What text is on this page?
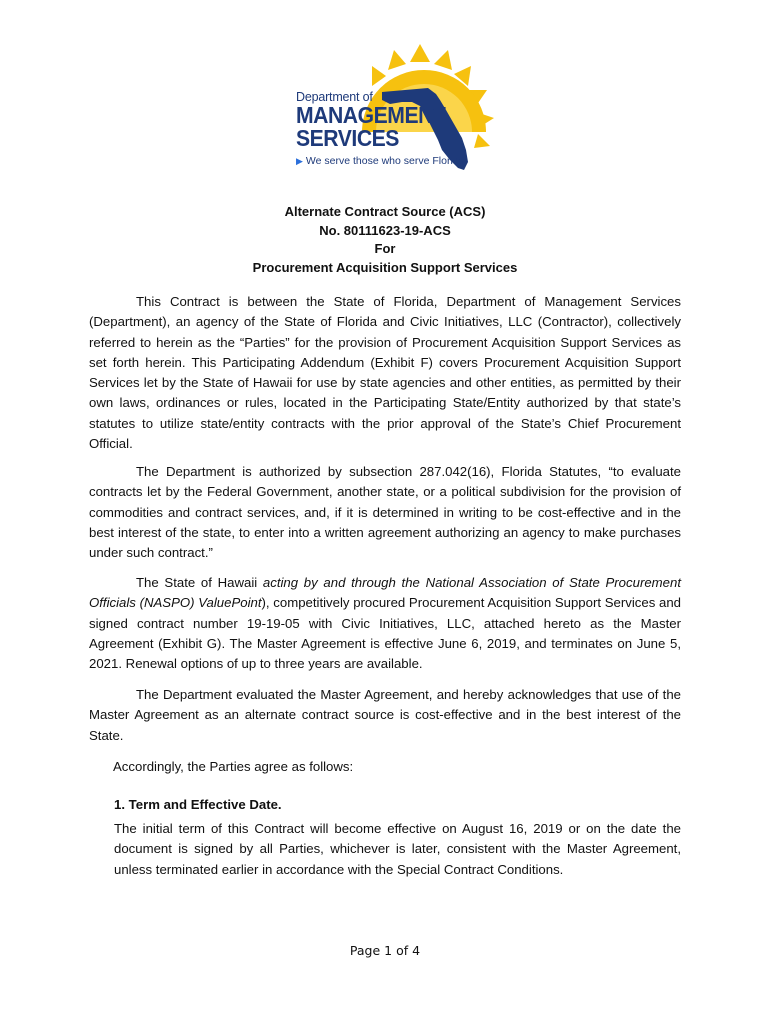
Department of
MANAGEMENT
SERVICES
▶ We serve those who serve Florida
Alternate Contract Source (ACS)
No. 80111623-19-ACS
For
Procurement Acquisition Support Services

This Contract is between the State of Florida, Department of Management Services (Department), an agency of the State of Florida and Civic Initiatives, LLC (Contractor), collectively referred to herein as the “Parties” for the provision of Procurement Acquisition Support Services as set forth herein. This Participating Addendum (Exhibit F) covers Procurement Acquisition Support Services let by the State of Hawaii for use by state agencies and other entities, as permitted by their own laws, ordinances or rules, located in the Participating State/Entity authorized by that state’s statutes to utilize state/entity contracts with the prior approval of the State’s Chief Procurement Official.

The Department is authorized by subsection 287.042(16), Florida Statutes, “to evaluate contracts let by the Federal Government, another state, or a political subdivision for the provision of commodities and contract services, and, if it is determined in writing to be cost-effective and in the best interest of the state, to enter into a written agreement authorizing an agency to make purchases under such contract.”

The State of Hawaii acting by and through the National Association of State Procurement Officials (NASPO) ValuePoint), competitively procured Procurement Acquisition Support Services and signed contract number 19-19-05 with Civic Initiatives, LLC, attached hereto as the Master Agreement (Exhibit G). The Master Agreement is effective June 6, 2019, and terminates on June 5, 2021. Renewal options of up to three years are available.

The Department evaluated the Master Agreement, and hereby acknowledges that use of the Master Agreement as an alternate contract source is cost-effective and in the best interest of the State.

Accordingly, the Parties agree as follows:

1. Term and Effective Date.

The initial term of this Contract will become effective on August 16, 2019 or on the date the document is signed by all Parties, whichever is later, consistent with the Master Agreement, unless terminated earlier in accordance with the Special Contract Conditions.

Page 1 of 4
